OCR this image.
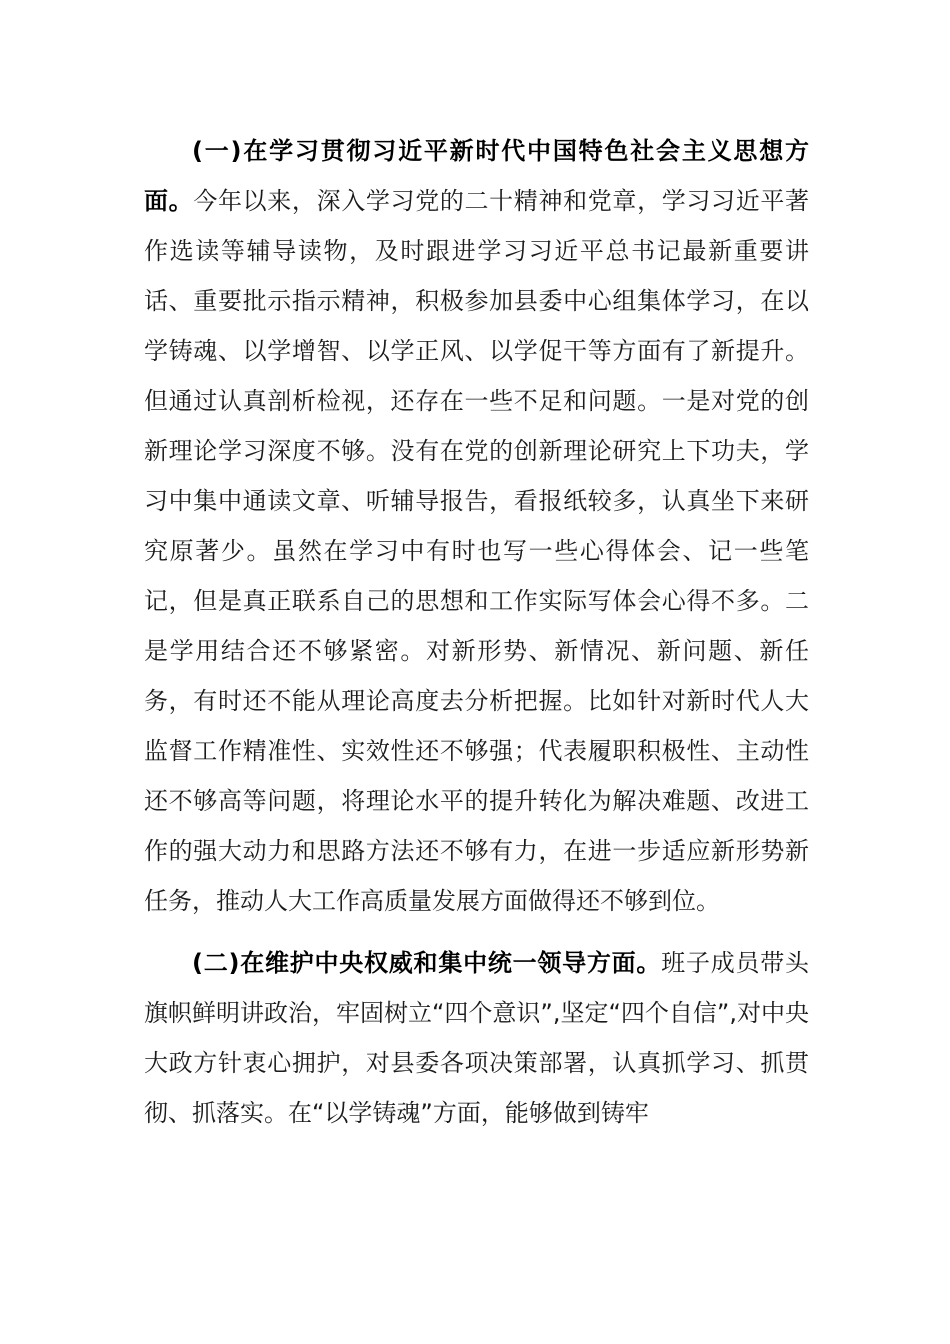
(一)在学习贯彻习近平新时代中国特色社会主义思想方面。今年以来，深入学习党的二十精神和党章，学习习近平著作选读等辅导读物，及时跟进学习习近平总书记最新重要讲话、重要批示指示精神，积极参加县委中心组集体学习，在以学铸魂、以学增智、以学正风、以学促干等方面有了新提升。但通过认真剖析检视，还存在一些不足和问题。一是对党的创新理论学习深度不够。没有在党的创新理论研究上下功夫，学习中集中通读文章、听辅导报告，看报纸较多，认真坐下来研究原著少。虽然在学习中有时也写一些心得体会、记一些笔记，但是真正联系自己的思想和工作实际写体会心得不多。二是学用结合还不够紧密。对新形势、新情况、新问题、新任务，有时还不能从理论高度去分析把握。比如针对新时代人大监督工作精准性、实效性还不够强；代表履职积极性、主动性还不够高等问题，将理论水平的提升转化为解决难题、改进工作的强大动力和思路方法还不够有力，在进一步适应新形势新任务，推动人大工作高质量发展方面做得还不够到位。

(二)在维护中央权威和集中统一领导方面。班子成员带头旗帜鲜明讲政治，牢固树立“四个意识”,坚定“四个自信”,对中央大政方针衷心拥护，对县委各项决策部署，认真抓学习、抓贯彻、抓落实。在“以学铸魂”方面，能够做到铸牢
